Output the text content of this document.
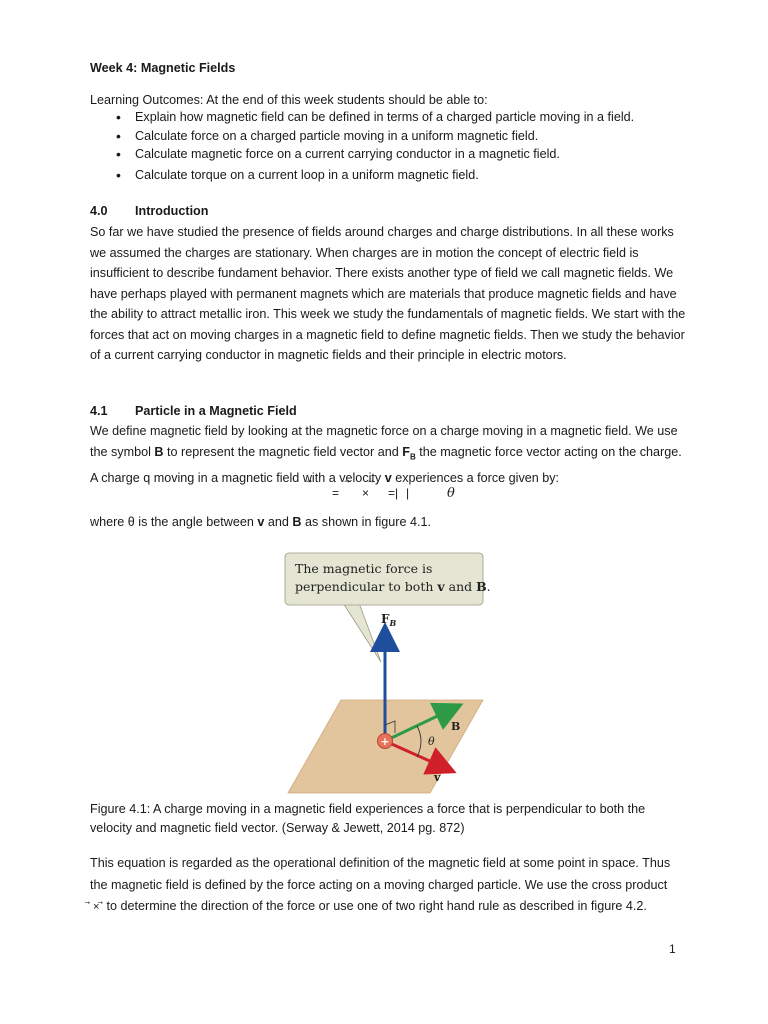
Week 4: Magnetic Fields

Learning Outcomes: At the end of this week students should be able to:

• Explain how magnetic field can be defined in terms of a charged particle moving in a field.
• Calculate force on a charged particle moving in a uniform magnetic field.
• Calculate magnetic force on a current carrying conductor in a magnetic field.
• Calculate torque on a current loop in a uniform magnetic field.
4.0 Introduction

So far we have studied the presence of fields around charges and charge distributions. In all these works we assumed the charges are stationary. When charges are in motion the concept of electric field is insufficient to describe fundament behavior. There exists another type of field we call magnetic fields. We have perhaps played with permanent magnets which are materials that produce magnetic fields and have the ability to attract metallic iron. This week we study the fundamentals of magnetic fields. We start with the forces that act on moving charges in a magnetic field to define magnetic fields. Then we study the behavior of a current carrying conductor in magnetic fields and their principle in electric motors.

4.1 Particle in a Magnetic Field

We define magnetic field by looking at the magnetic force on a charge moving in a magnetic field. We use the symbol B to represent the magnetic field vector and $F_B$ the magnetic force vector acting on the charge. A charge q moving in a magnetic field with a velocity v experiences a force given by:

= × =| |	θ

where θ is the angle between v and B as shown in figure 4.1.

The magnetic force is
perpendicular to both v and B.
$F_B$
B
v
θ
+

Figure 4.1: A charge moving in a magnetic field experiences a force that is perpendicular to both the velocity and magnetic field vector. (Serway & Jewett, 2014 pg. 872)

This equation is regarded as the operational definition of the magnetic field at some point in space. Thus the magnetic field is defined by the force acting on a moving charged particle. We use the cross product
⃗ × ⃗ to determine the direction of the force or use one of two right hand rule as described in figure 4.2.

1
